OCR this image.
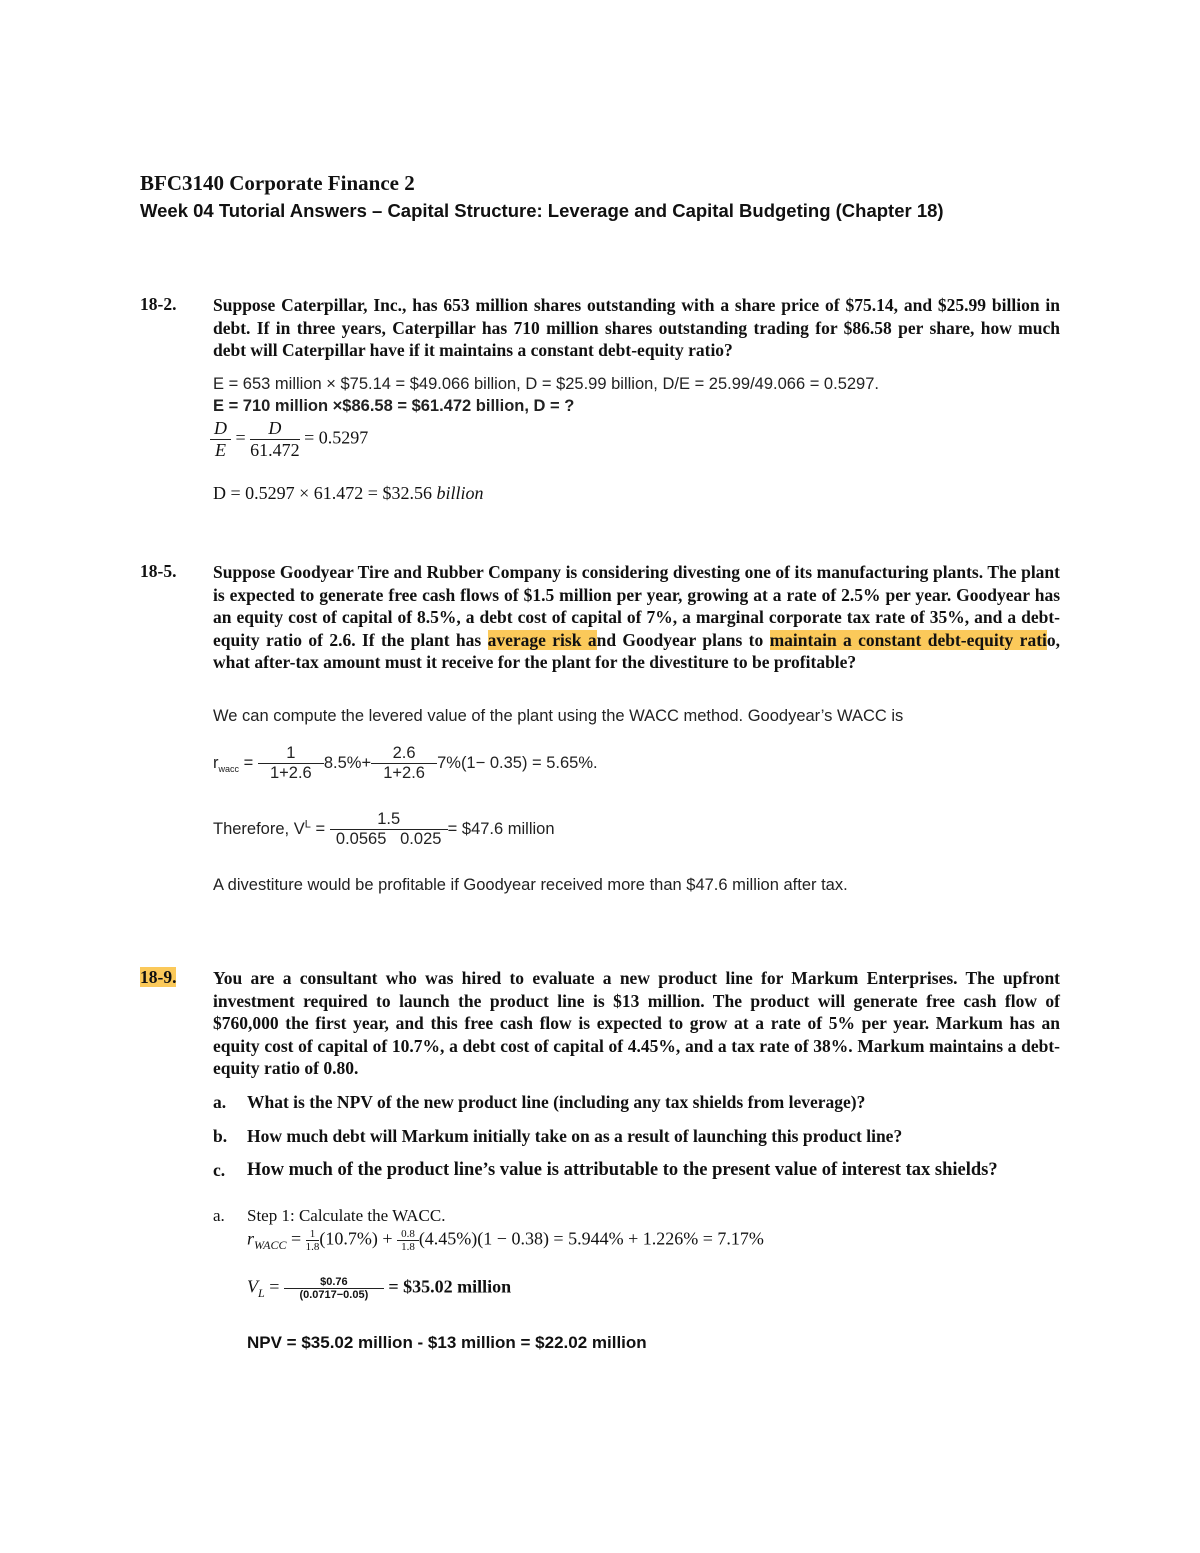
BFC3140 Corporate Finance 2
Week 04 Tutorial Answers – Capital Structure: Leverage and Capital Budgeting (Chapter 18)
18-2. Suppose Caterpillar, Inc., has 653 million shares outstanding with a share price of $75.14, and $25.99 billion in debt. If in three years, Caterpillar has 710 million shares outstanding trading for $86.58 per share, how much debt will Caterpillar have if it maintains a constant debt-equity ratio?

E = 653 million × $75.14 = $49.066 billion, D = $25.99 billion, D/E = 25.99/49.066 = 0.5297.
E = 710 million ×$86.58 = $61.472 billion, D = ?
$\frac{D}{E} = \frac{D}{61.472} = 0.5297$
D = 0.5297 × 61.472 = $32.56 billion
18-5. Suppose Goodyear Tire and Rubber Company is considering divesting one of its manufacturing plants. The plant is expected to generate free cash flows of $1.5 million per year, growing at a rate of 2.5% per year. Goodyear has an equity cost of capital of 8.5%, a debt cost of capital of 7%, a marginal corporate tax rate of 35%, and a debt-equity ratio of 2.6. If the plant has average risk and Goodyear plans to maintain a constant debt-equity ratio, what after-tax amount must it receive for the plant for the divestiture to be profitable?

We can compute the levered value of the plant using the WACC method. Goodyear’s WACC is
$r_{wacc} = \frac{1}{1+2.6} 8.5\%+ \frac{2.6}{1+2.6} 7\%(1- 0.35) = 5.65\%$.
Therefore, $V^L = \frac{1.5}{0.0565 0.025}$ = $47.6 million
A divestiture would be profitable if Goodyear received more than $47.6 million after tax.
18-9. You are a consultant who was hired to evaluate a new product line for Markum Enterprises. The upfront investment required to launch the product line is $13 million. The product will generate free cash flow of $760,000 the first year, and this free cash flow is expected to grow at a rate of 5% per year. Markum has an equity cost of capital of 10.7%, a debt cost of capital of 4.45%, and a tax rate of 38%. Markum maintains a debt-equity ratio of 0.80.

a. What is the NPV of the new product line (including any tax shields from leverage)?
b. How much debt will Markum initially take on as a result of launching this product line?
c. How much of the product line’s value is attributable to the present value of interest tax shields?
a. Step 1: Calculate the WACC.
$r_{WACC} = \frac{1}{1.8} (10.7\%) + \frac{0.8}{1.8} (4.45\%)(1 - 0.38) = 5.944\% + 1.226\% = 7.17\%$
$V_L = \frac{\$0.76}{(0.0717-0.05)}$ = $35.02 million
NPV = $35.02 million - $13 million = $22.02 million
